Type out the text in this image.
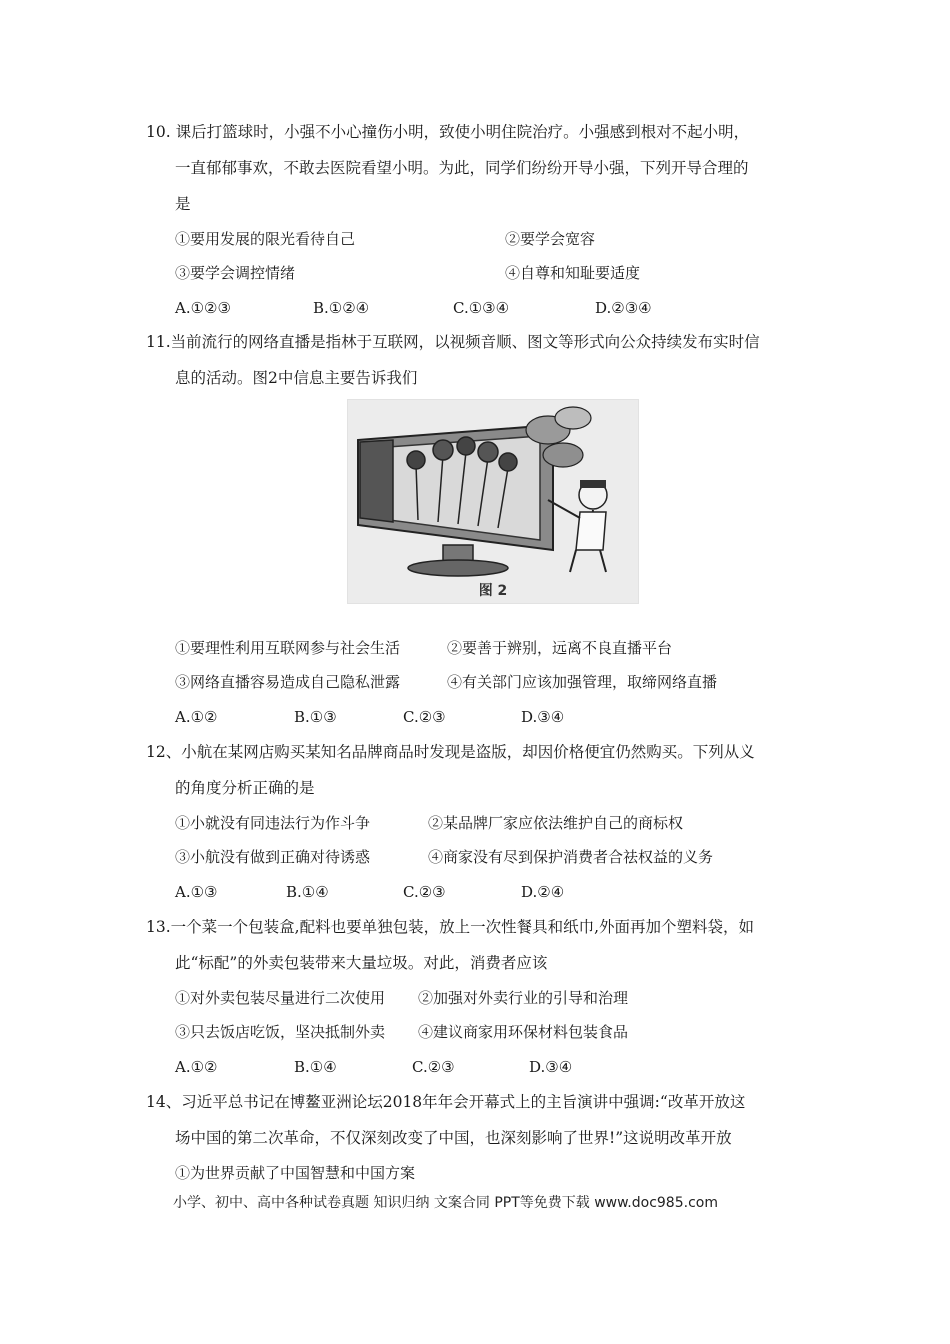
10. 课后打篮球时，小强不小心撞伤小明，致使小明住院治疗。小强感到根对不起小明，
一直郁郁事欢，不敢去医院看望小明。为此，同学们纷纷开导小强，下列开导合理的
是
①要用发展的限光看待自己	②要学会宽容
③要学会调控情绪	④自尊和知耻要适度
A.①②③	B.①②④	C.①③④	D.②③④
11.当前流行的网络直播是指林于互联网，以视频音顺、图文等形式向公众持续发布实时信
息的活动。图2中信息主要告诉我们
图 2
①要理性利用互联网参与社会生活	②要善于辨别，远离不良直播平台
③网络直播容易造成自己隐私泄露	④有关部门应该加强管理，取缔网络直播
A.①②	B.①③	C.②③	D.③④
12、小航在某网店购买某知名品牌商品时发现是盗版，却因价格便宜仍然购买。下列从义
的角度分析正确的是
①小就没有同违法行为作斗争	②某品牌厂家应依法维护自己的商标权
③小航没有做到正确对待诱惑	④商家没有尽到保护消费者合祛权益的义务
A.①③	B.①④	C.②③	D.②④
13.一个菜一个包装盒,配料也要单独包装，放上一次性餐具和纸巾,外面再加个塑料袋，如
此“标配”的外卖包装带来大量垃圾。对此，消费者应该
①对外卖包装尽量进行二次使用 ②加强对外卖行业的引导和治理
③只去饭店吃饭，坚决抵制外卖 ④建议商家用环保材料包装食品
A.①②	B.①④	C.②③	D.③④
14、习近平总书记在博鳌亚洲论坛2018年年会开幕式上的主旨演讲中强调:“改革开放这
场中国的第二次革命，不仅深刻改变了中国，也深刻影响了世界!”这说明改革开放
①为世界贡献了中国智慧和中国方案
小学、初中、高中各种试卷真题 知识归纳 文案合同 PPT等免费下载 www.doc985.com
